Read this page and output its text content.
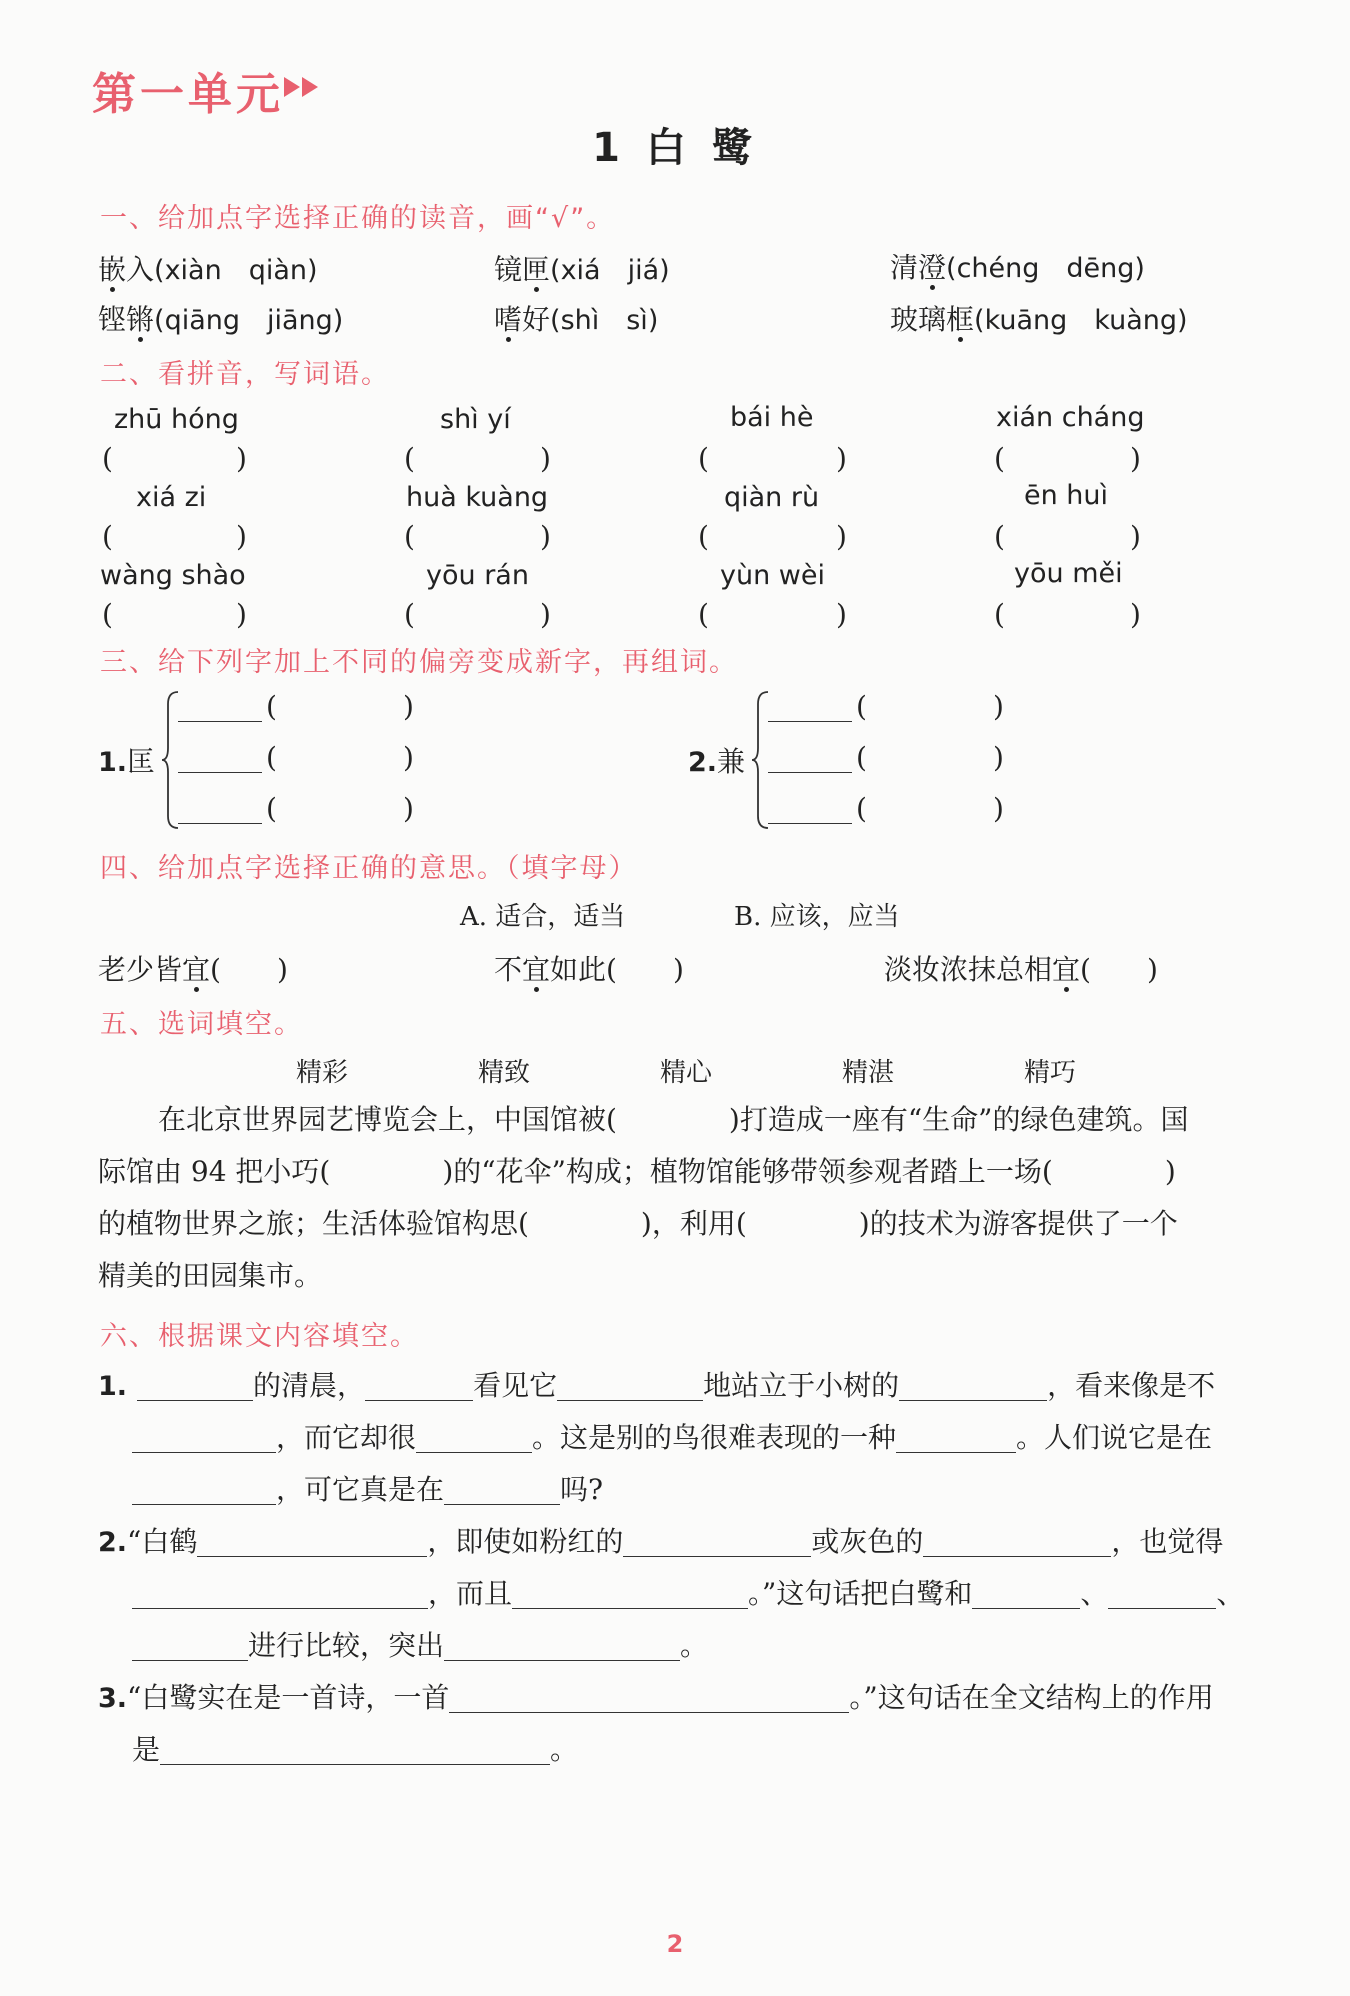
第一单元
1 白 鹭
一、给加点字选择正确的读音，画“√”。
嵌入(xiàn　qiàn)	镜匣(xiá　jiá)	清澄(chéng　dēng)
铿锵(qiāng　jiāng)	嗜好(shì　sì)	玻璃框(kuāng　kuàng)
二、看拼音，写词语。
zhū hóng	shì yí	bái hè	xián cháng
(	)	(	)	(	)	(	)
xiá zi	huà kuàng	qiàn rù	ēn huì
(	)	(	)	(	)	(	)
wàng shào	yōu rán	yùn wèi	yōu měi
(	)	(	)	(	)	(	)
三、给下列字加上不同的偏旁变成新字，再组词。
1.匡
(	)
(	)
(	)
2.兼
(	)
(	)
(	)
四、给加点字选择正确的意思。（填字母）
A. 适合，适当	B. 应该，应当
老少皆宜(　　)	不宜如此(　　)	淡妆浓抹总相宜(　　)
五、选词填空。
精彩	精致	精心	精湛	精巧
在北京世界园艺博览会上，中国馆被(　　　　)打造成一座有“生命”的绿色建筑。国
际馆由 94 把小巧(　　　　)的“花伞”构成；植物馆能够带领参观者踏上一场(　　　　)
的植物世界之旅；生活体验馆构思(　　　　)，利用(　　　　)的技术为游客提供了一个
精美的田园集市。
六、根据课文内容填空。
1.	的清晨，	看见它	地站立于小树的	，看来像是不
，而它却很	。这是别的鸟很难表现的一种	。人们说它是在
，可它真是在	吗?
2.“白鹤	，即使如粉红的	或灰色的	，也觉得
，而且	。”这句话把白鹭和	、	、
进行比较，突出	。
3.“白鹭实在是一首诗，一首	。”这句话在全文结构上的作用
是	。
2
